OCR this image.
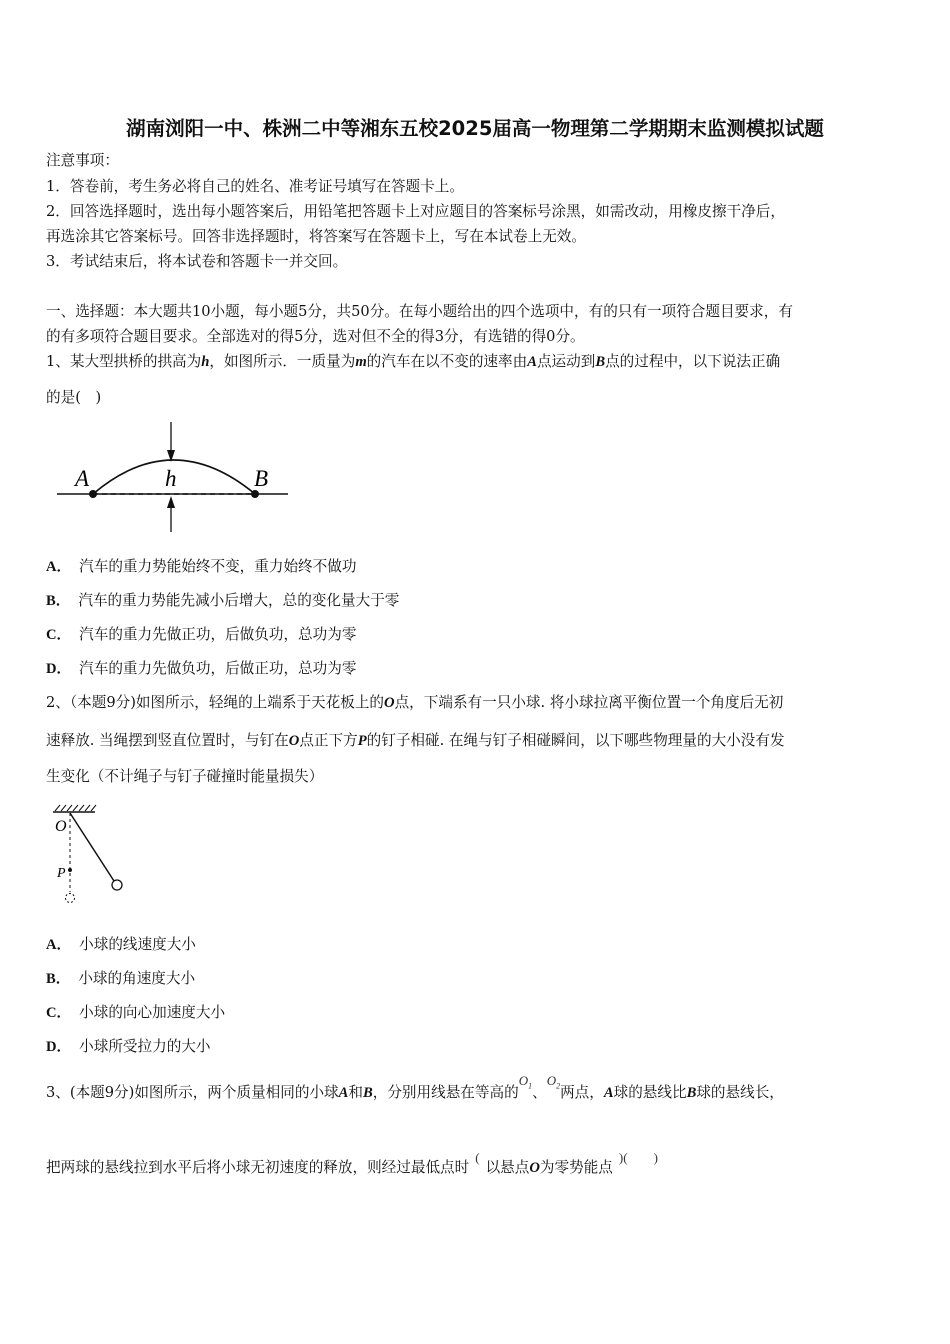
湖南浏阳一中、株洲二中等湘东五校2025届高一物理第二学期期末监测模拟试题
注意事项：
1．答卷前，考生务必将自己的姓名、准考证号填写在答题卡上。
2．回答选择题时，选出每小题答案后，用铅笔把答题卡上对应题目的答案标号涂黑，如需改动，用橡皮擦干净后，
再选涂其它答案标号。回答非选择题时，将答案写在答题卡上，写在本试卷上无效。
3．考试结束后，将本试卷和答题卡一并交回。
一、选择题：本大题共10小题，每小题5分，共50分。在每小题给出的四个选项中，有的只有一项符合题目要求，有
的有多项符合题目要求。全部选对的得5分，选对但不全的得3分，有选错的得0分。
1、某大型拱桥的拱高为h，如图所示．一质量为m的汽车在以不变的速率由A点运动到B点的过程中，以下说法正确
的是(　)
A	h	B
A． 汽车的重力势能始终不变，重力始终不做功
B． 汽车的重力势能先减小后增大，总的变化量大于零
C． 汽车的重力先做正功，后做负功，总功为零
D． 汽车的重力先做负功，后做正功，总功为零
2、（本题9分)如图所示，轻绳的上端系于天花板上的O点，下端系有一只小球. 将小球拉离平衡位置一个角度后无初
速释放. 当绳摆到竖直位置时，与钉在O点正下方P的钉子相碰. 在绳与钉子相碰瞬间，以下哪些物理量的大小没有发
生变化（不计绳子与钉子碰撞时能量损失）
O
P
A． 小球的线速度大小
B． 小球的角速度大小
C． 小球的向心加速度大小
D． 小球所受拉力的大小
3、(本题9分)如图所示，两个质量相同的小球A和B，分别用线悬在等高的$O_1$、$O_2$两点，A球的悬线比B球的悬线长，
把两球的悬线拉到水平后将小球无初速度的释放，则经过最低点时(以悬点O为零势能点)(　　)
